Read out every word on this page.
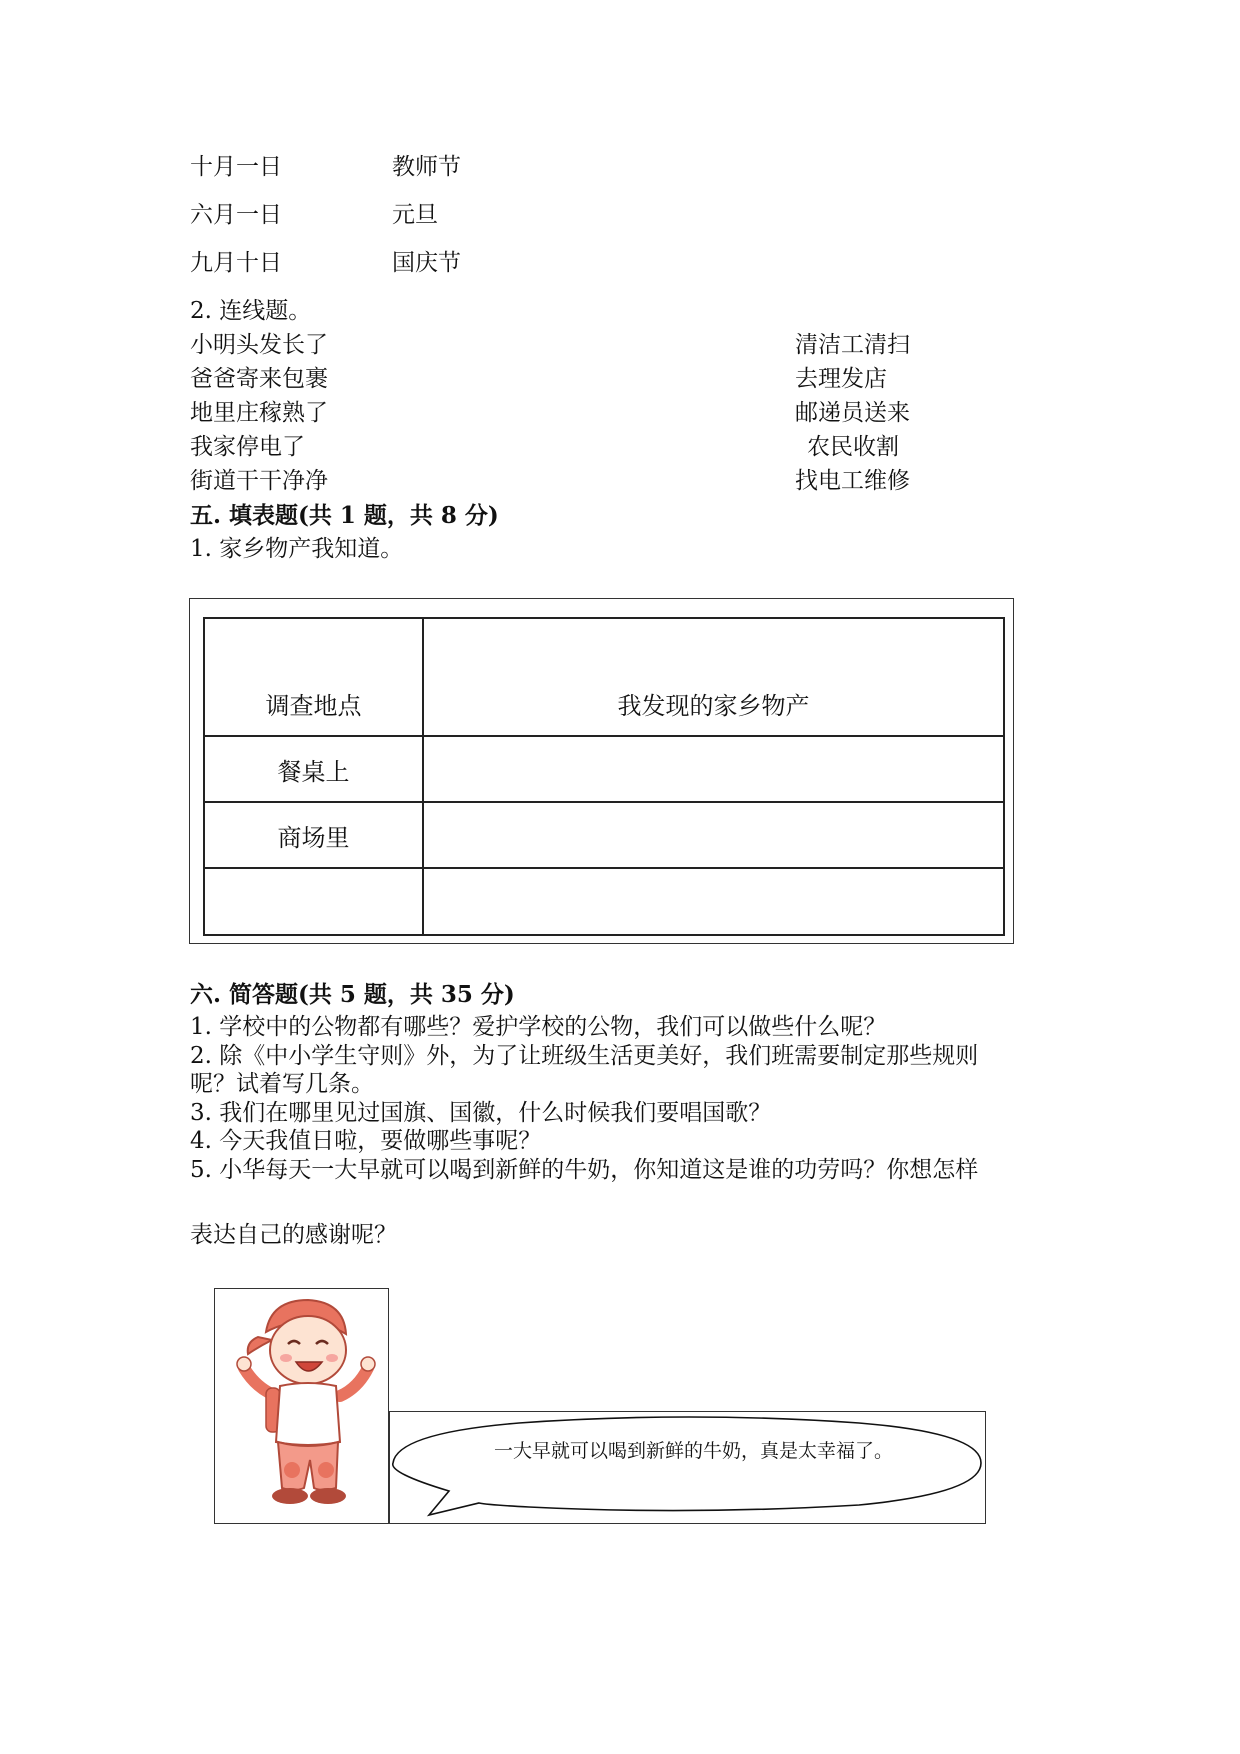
十月一日	教师节
六月一日	元旦
九月十日	国庆节
2. 连线题。
小明头发长了
爸爸寄来包裹
地里庄稼熟了
我家停电了
街道干干净净
清洁工清扫
去理发店
邮递员送来
农民收割
找电工维修
五. 填表题(共 1 题，共 8 分)
1. 家乡物产我知道。
调查地点	我发现的家乡物产
餐桌上	
商场里	

六. 简答题(共 5 题，共 35 分)
1. 学校中的公物都有哪些？爱护学校的公物，我们可以做些什么呢？
2. 除《中小学生守则》外，为了让班级生活更美好，我们班需要制定那些规则
呢？试着写几条。
3. 我们在哪里见过国旗、国徽，什么时候我们要唱国歌？
4. 今天我值日啦，要做哪些事呢？
5. 小华每天一大早就可以喝到新鲜的牛奶，你知道这是谁的功劳吗？你想怎样
表达自己的感谢呢？
一大早就可以喝到新鲜的牛奶，真是太幸福了。
